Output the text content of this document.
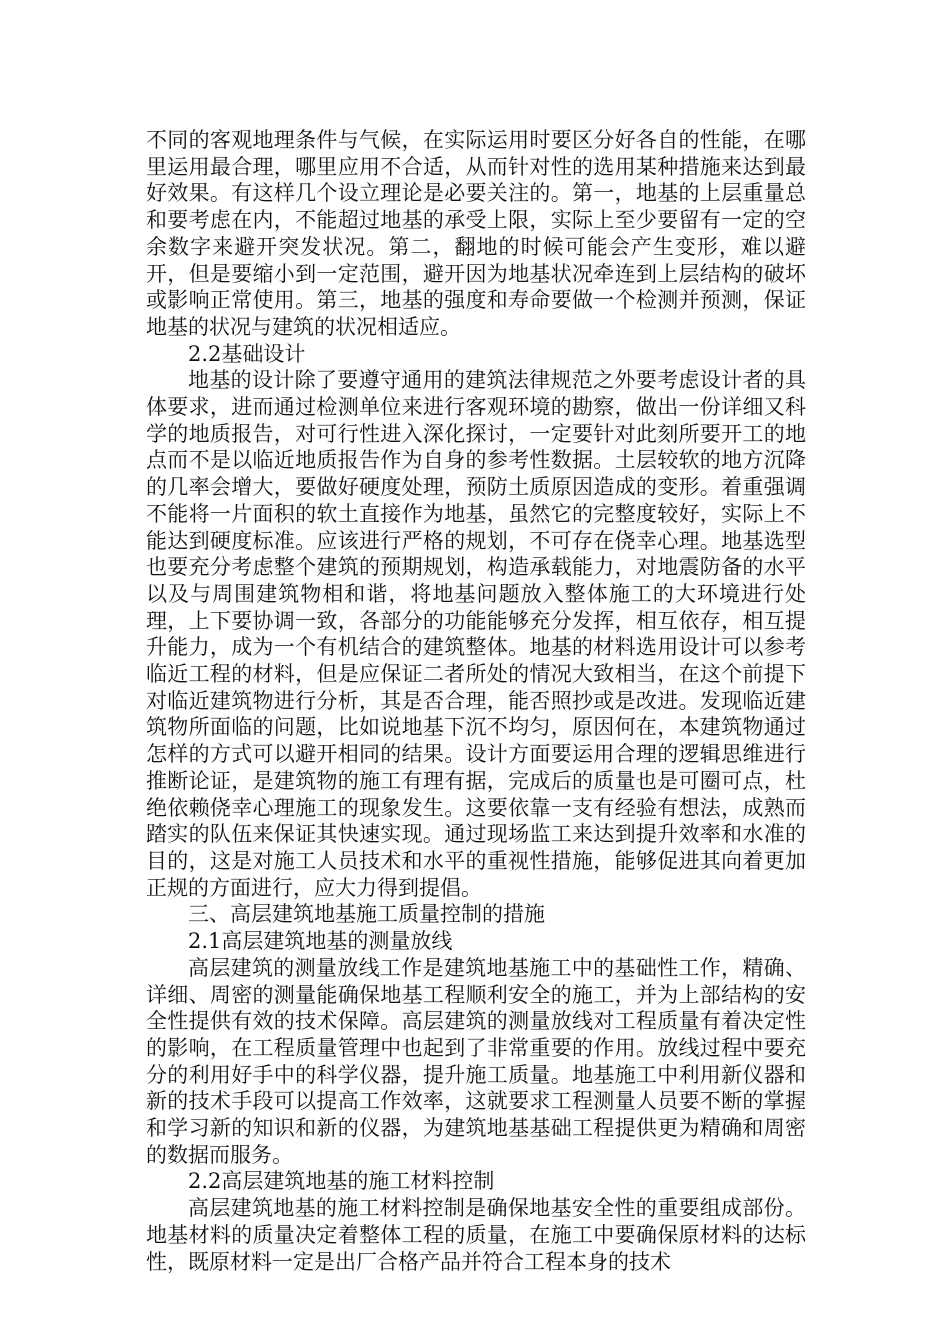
不同的客观地理条件与气候，在实际运用时要区分好各自的性能，在哪里运用最合理，哪里应用不合适，从而针对性的选用某种措施来达到最好效果。有这样几个设立理论是必要关注的。第一，地基的上层重量总和要考虑在内，不能超过地基的承受上限，实际上至少要留有一定的空余数字来避开突发状况。第二，翻地的时候可能会产生变形，难以避开，但是要缩小到一定范围，避开因为地基状况牵连到上层结构的破坏或影响正常使用。第三，地基的强度和寿命要做一个检测并预测，保证地基的状况与建筑的状况相适应。

2.2基础设计

地基的设计除了要遵守通用的建筑法律规范之外要考虑设计者的具体要求，进而通过检测单位来进行客观环境的勘察，做出一份详细又科学的地质报告，对可行性进入深化探讨，一定要针对此刻所要开工的地点而不是以临近地质报告作为自身的参考性数据。土层较软的地方沉降的几率会增大，要做好硬度处理，预防土质原因造成的变形。着重强调不能将一片面积的软土直接作为地基，虽然它的完整度较好，实际上不能达到硬度标准。应该进行严格的规划，不可存在侥幸心理。地基选型也要充分考虑整个建筑的预期规划，构造承载能力，对地震防备的水平以及与周围建筑物相和谐，将地基问题放入整体施工的大环境进行处理，上下要协调一致，各部分的功能能够充分发挥，相互依存，相互提升能力，成为一个有机结合的建筑整体。地基的材料选用设计可以参考临近工程的材料，但是应保证二者所处的情况大致相当，在这个前提下对临近建筑物进行分析，其是否合理，能否照抄或是改进。发现临近建筑物所面临的问题，比如说地基下沉不均匀，原因何在，本建筑物通过怎样的方式可以避开相同的结果。设计方面要运用合理的逻辑思维进行推断论证，是建筑物的施工有理有据，完成后的质量也是可圈可点，杜绝依赖侥幸心理施工的现象发生。这要依靠一支有经验有想法，成熟而踏实的队伍来保证其快速实现。通过现场监工来达到提升效率和水准的目的，这是对施工人员技术和水平的重视性措施，能够促进其向着更加正规的方面进行，应大力得到提倡。

三、高层建筑地基施工质量控制的措施

2.1高层建筑地基的测量放线

高层建筑的测量放线工作是建筑地基施工中的基础性工作，精确、详细、周密的测量能确保地基工程顺利安全的施工，并为上部结构的安全性提供有效的技术保障。高层建筑的测量放线对工程质量有着决定性的影响，在工程质量管理中也起到了非常重要的作用。放线过程中要充分的利用好手中的科学仪器，提升施工质量。地基施工中利用新仪器和新的技术手段可以提高工作效率，这就要求工程测量人员要不断的掌握和学习新的知识和新的仪器，为建筑地基基础工程提供更为精确和周密的数据而服务。

2.2高层建筑地基的施工材料控制

高层建筑地基的施工材料控制是确保地基安全性的重要组成部份。地基材料的质量决定着整体工程的质量，在施工中要确保原材料的达标性，既原材料一定是出厂合格产品并符合工程本身的技术
